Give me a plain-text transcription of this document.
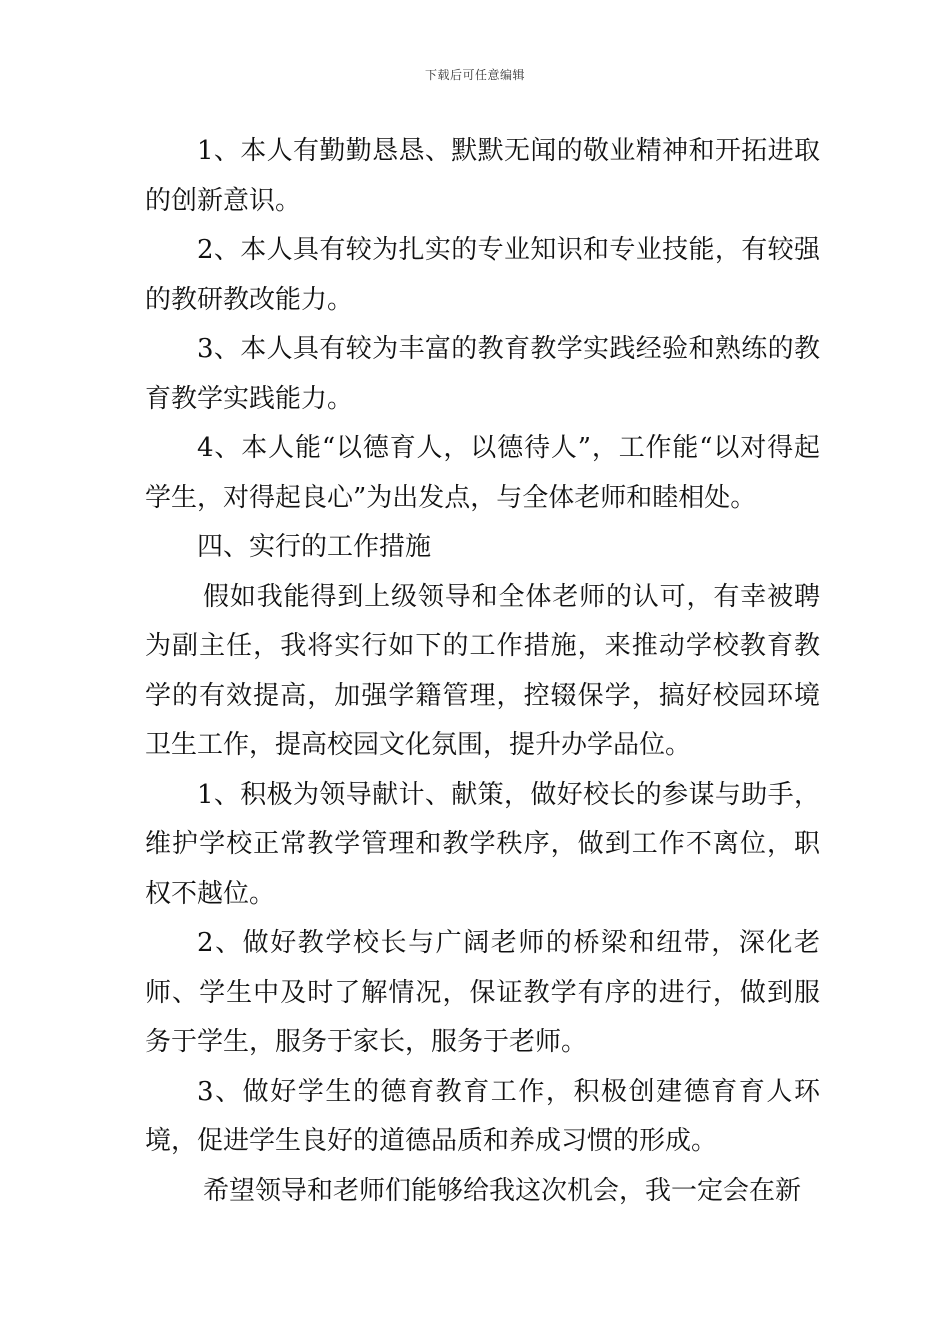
下载后可任意编辑

1、本人有勤勤恳恳、默默无闻的敬业精神和开拓进取的创新意识。

2、本人具有较为扎实的专业知识和专业技能，有较强的教研教改能力。

3、本人具有较为丰富的教育教学实践经验和熟练的教育教学实践能力。

4、本人能“以德育人，以德待人”，工作能“以对得起学生，对得起良心”为出发点，与全体老师和睦相处。

四、实行的工作措施

假如我能得到上级领导和全体老师的认可，有幸被聘为副主任，我将实行如下的工作措施，来推动学校教育教学的有效提高，加强学籍管理，控辍保学，搞好校园环境卫生工作，提高校园文化氛围，提升办学品位。

1、积极为领导献计、献策，做好校长的参谋与助手，维护学校正常教学管理和教学秩序，做到工作不离位，职权不越位。

2、做好教学校长与广阔老师的桥梁和纽带，深化老师、学生中及时了解情况，保证教学有序的进行，做到服务于学生，服务于家长，服务于老师。

3、做好学生的德育教育工作，积极创建德育育人环境，促进学生良好的道德品质和养成习惯的形成。

希望领导和老师们能够给我这次机会，我一定会在新
